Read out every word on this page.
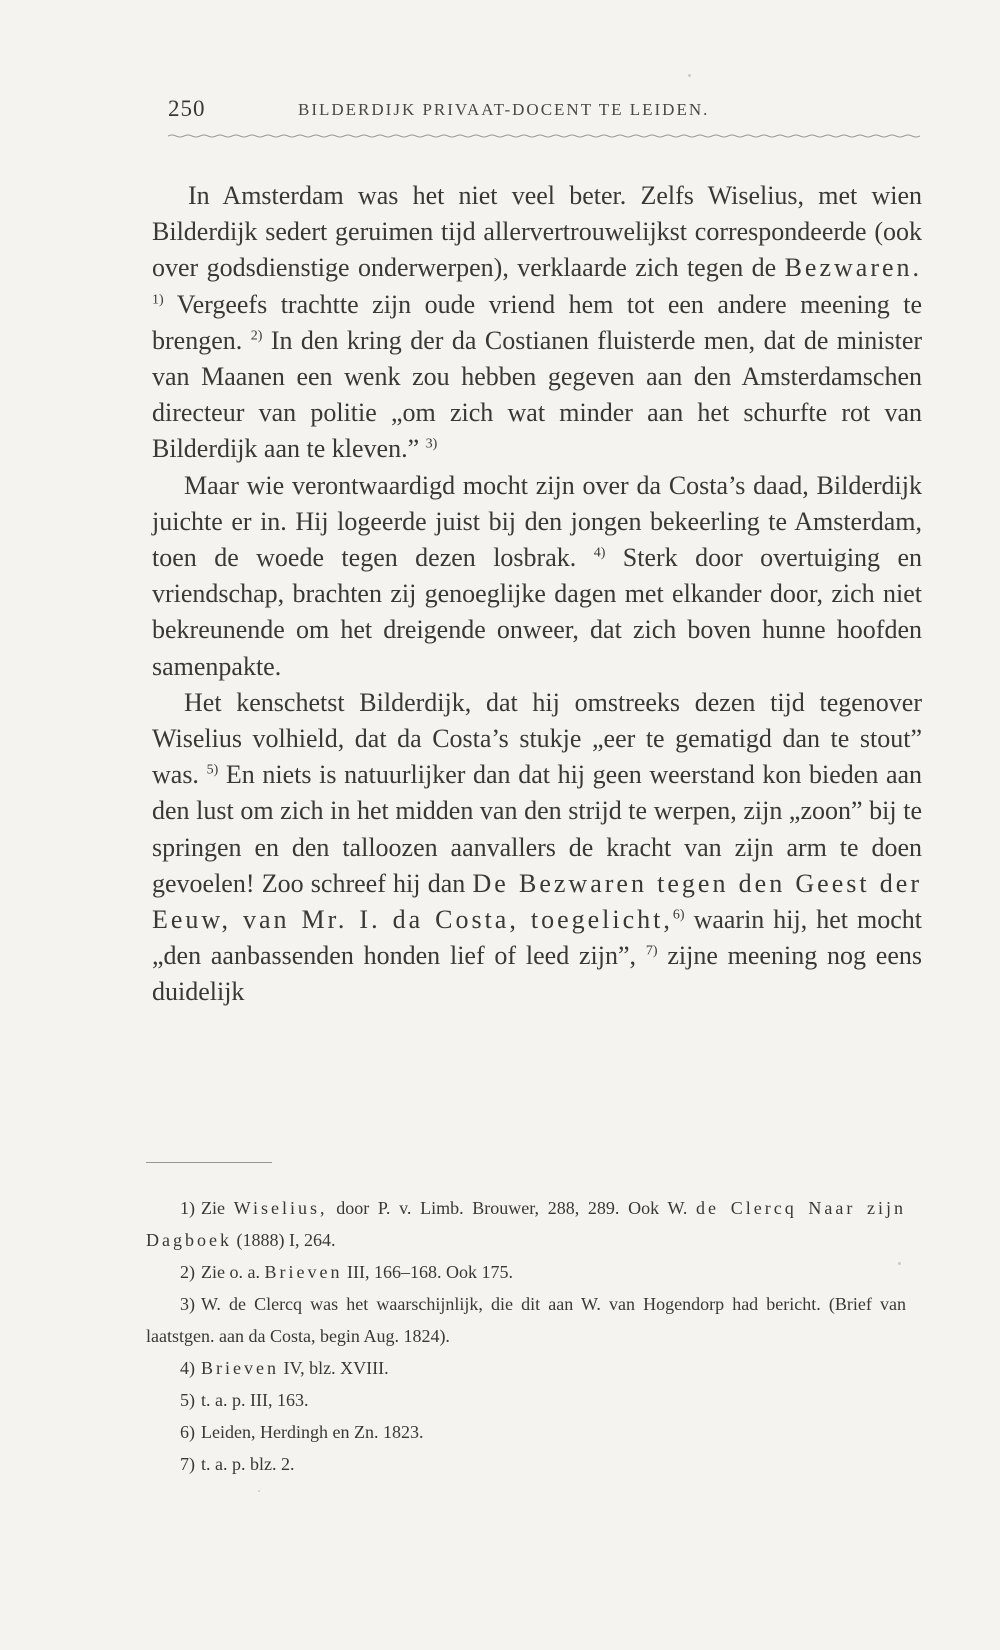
250	BILDERDIJK PRIVAAT-DOCENT TE LEIDEN.

In Amsterdam was het niet veel beter. Zelfs Wiselius, met wien Bilderdijk sedert geruimen tijd allervertrouwelijkst correspondeerde (ook over godsdienstige onderwerpen), verklaarde zich tegen de Bezwaren. $^{1)}$ Vergeefs trachtte zijn oude vriend hem tot een andere meening te brengen. $^{2)}$ In den kring der da Costianen fluisterde men, dat de minister van Maanen een wenk zou hebben gegeven aan den Amsterdamschen directeur van politie „om zich wat minder aan het schurfte rot van Bilderdijk aan te kleven.” $^{3)}$

Maar wie verontwaardigd mocht zijn over da Costa’s daad, Bilderdijk juichte er in. Hij logeerde juist bij den jongen bekeerling te Amsterdam, toen de woede tegen dezen losbrak. $^{4)}$ Sterk door overtuiging en vriendschap, brachten zij genoeglijke dagen met elkander door, zich niet bekreunende om het dreigende onweer, dat zich boven hunne hoofden samenpakte.

Het kenschetst Bilderdijk, dat hij omstreeks dezen tijd tegenover Wiselius volhield, dat da Costa’s stukje „eer te gematigd dan te stout” was. $^{5)}$ En niets is natuurlijker dan dat hij geen weerstand kon bieden aan den lust om zich in het midden van den strijd te werpen, zijn „zoon” bij te springen en den talloozen aanvallers de kracht van zijn arm te doen gevoelen! Zoo schreef hij dan De Bezwaren tegen den Geest der Eeuw, van Mr. I. da Costa, toegelicht,$^{6)}$ waarin hij, het mocht „den aanbassenden honden lief of leed zijn”, $^{7)}$ zijne meening nog eens duidelijk

1) Zie Wiselius, door P. v. Limb. Brouwer, 288, 289. Ook W. de Clercq Naar zijn Dagboek (1888) I, 264.

2) Zie o. a. Brieven III, 166–168. Ook 175.

3) W. de Clercq was het waarschijnlijk, die dit aan W. van Hogendorp had bericht. (Brief van laatstgen. aan da Costa, begin Aug. 1824).

4) Brieven IV, blz. XVIII.

5) t. a. p. III, 163.

6) Leiden, Herdingh en Zn. 1823.

7) t. a. p. blz. 2.
